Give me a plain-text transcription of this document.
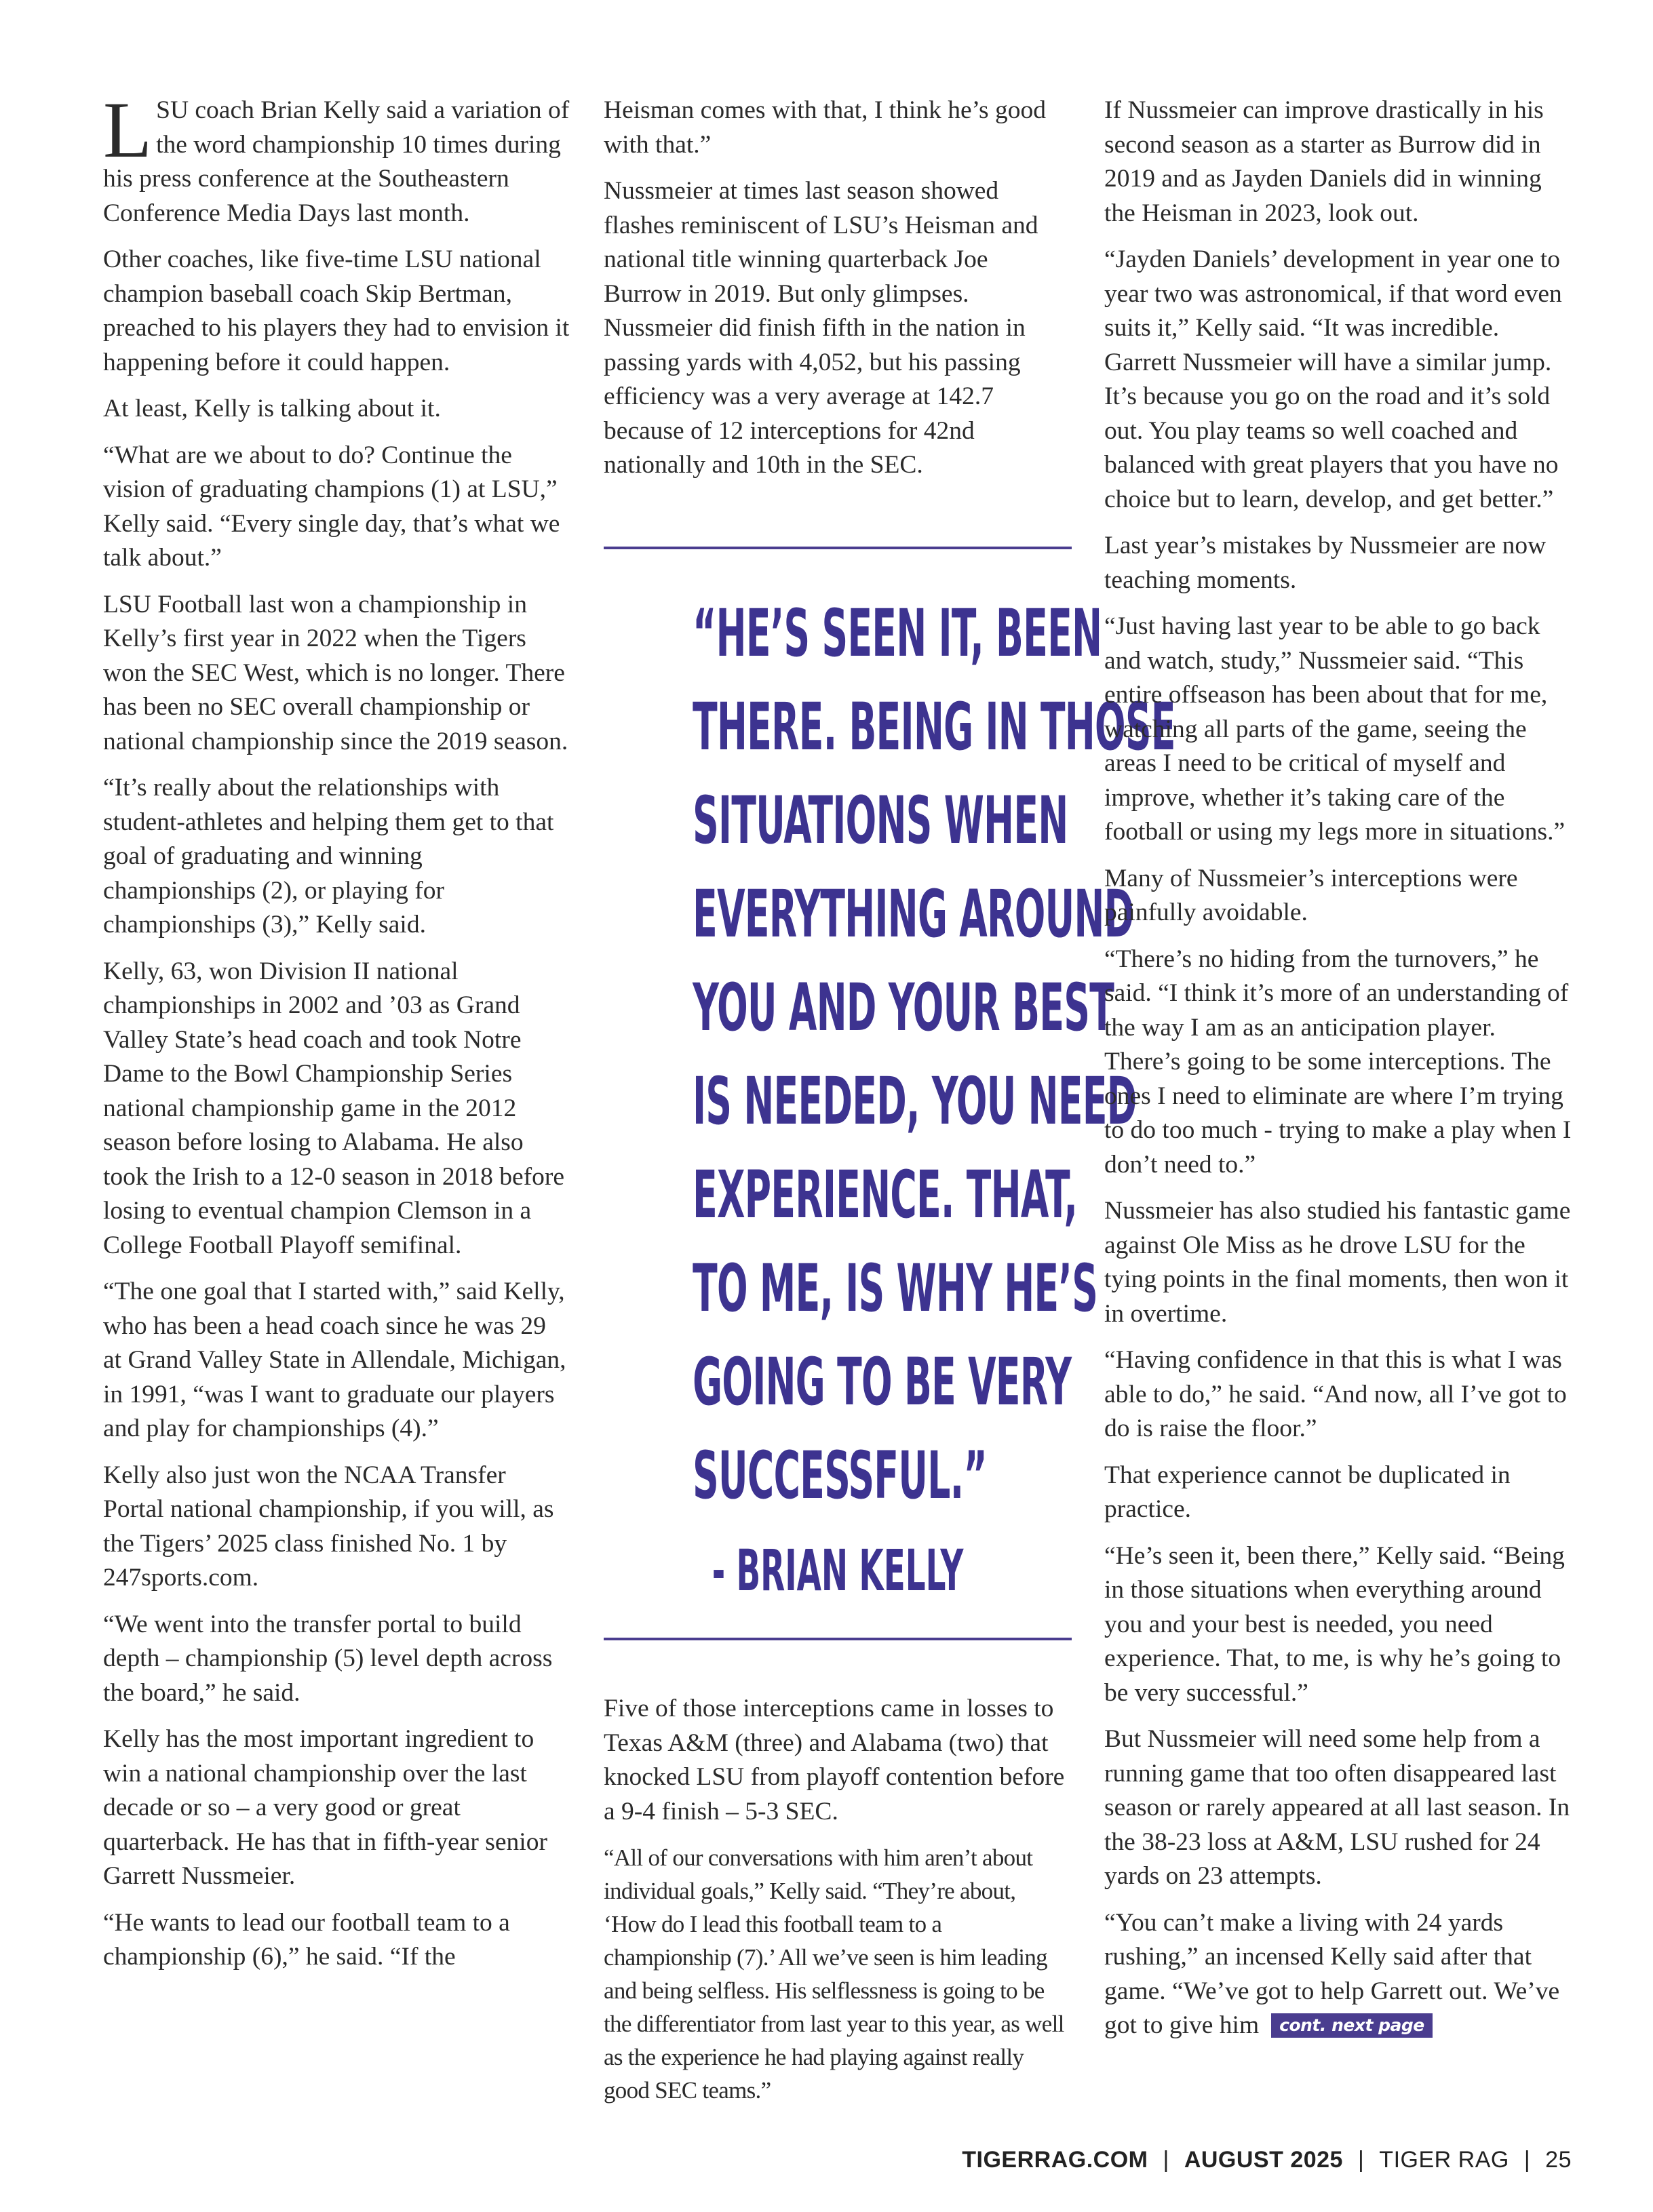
LSU coach Brian Kelly said a variation of the word championship 10 times during his press conference at the Southeastern Conference Media Days last month.

Other coaches, like five-time LSU national champion baseball coach Skip Bertman, preached to his players they had to envision it happening before it could happen.

At least, Kelly is talking about it.

“What are we about to do? Continue the vision of graduating champions (1) at LSU,” Kelly said. “Every single day, that’s what we talk about.”

LSU Football last won a championship in Kelly’s first year in 2022 when the Tigers won the SEC West, which is no longer. There has been no SEC overall championship or national championship since the 2019 season.

“It’s really about the relationships with student-athletes and helping them get to that goal of graduating and winning championships (2), or playing for championships (3),” Kelly said.

Kelly, 63, won Division II national championships in 2002 and ’03 as Grand Valley State’s head coach and took Notre Dame to the Bowl Championship Series national championship game in the 2012 season before losing to Alabama. He also took the Irish to a 12-0 season in 2018 before losing to eventual champion Clemson in a College Football Playoff semifinal.

“The one goal that I started with,” said Kelly, who has been a head coach since he was 29 at Grand Valley State in Allendale, Michigan, in 1991, “was I want to graduate our players and play for championships (4).”

Kelly also just won the NCAA Transfer Portal national championship, if you will, as the Tigers’ 2025 class finished No. 1 by 247sports.com.

“We went into the transfer portal to build depth – championship (5) level depth across the board,” he said.

Kelly has the most important ingredient to win a national championship over the last decade or so – a very good or great quarterback. He has that in fifth-year senior Garrett Nussmeier.

“He wants to lead our football team to a championship (6),” he said. “If the

Heisman comes with that, I think he’s good with that.”

Nussmeier at times last season showed flashes reminiscent of LSU’s Heisman and national title winning quarterback Joe Burrow in 2019. But only glimpses. Nussmeier did finish fifth in the nation in passing yards with 4,052, but his passing efficiency was a very average at 142.7 because of 12 interceptions for 42nd nationally and 10th in the SEC.

“HE’S SEEN IT, BEEN
THERE. BEING IN THOSE
SITUATIONS WHEN
EVERYTHING AROUND
YOU AND YOUR BEST
IS NEEDED, YOU NEED
EXPERIENCE. THAT,
TO ME, IS WHY HE’S
GOING TO BE VERY
SUCCESSFUL.”
- BRIAN KELLY

Five of those interceptions came in losses to Texas A&M (three) and Alabama (two) that knocked LSU from playoff contention before a 9-4 finish – 5-3 SEC.

“All of our conversations with him aren’t about individual goals,” Kelly said. “They’re about, ‘How do I lead this football team to a championship (7).’ All we’ve seen is him leading and being selfless. His selflessness is going to be the differentiator from last year to this year, as well as the experience he had playing against really good SEC teams.”

If Nussmeier can improve drastically in his second season as a starter as Burrow did in 2019 and as Jayden Daniels did in winning the Heisman in 2023, look out.

“Jayden Daniels’ development in year one to year two was astronomical, if that word even suits it,” Kelly said. “It was incredible. Garrett Nussmeier will have a similar jump. It’s because you go on the road and it’s sold out. You play teams so well coached and balanced with great players that you have no choice but to learn, develop, and get better.”

Last year’s mistakes by Nussmeier are now teaching moments.

“Just having last year to be able to go back and watch, study,” Nussmeier said. “This entire offseason has been about that for me, watching all parts of the game, seeing the areas I need to be critical of myself and improve, whether it’s taking care of the football or using my legs more in situations.”

Many of Nussmeier’s interceptions were painfully avoidable.

“There’s no hiding from the turnovers,” he said. “I think it’s more of an understanding of the way I am as an anticipation player. There’s going to be some interceptions. The ones I need to eliminate are where I’m trying to do too much - trying to make a play when I don’t need to.”

Nussmeier has also studied his fantastic game against Ole Miss as he drove LSU for the tying points in the final moments, then won it in overtime.

“Having confidence in that this is what I was able to do,” he said. “And now, all I’ve got to do is raise the floor.”

That experience cannot be duplicated in practice.

“He’s seen it, been there,” Kelly said. “Being in those situations when everything around you and your best is needed, you need experience. That, to me, is why he’s going to be very successful.”

But Nussmeier will need some help from a running game that too often disappeared last season or rarely appeared at all last season. In the 38-23 loss at A&M, LSU rushed for 24 yards on 23 attempts.

“You can’t make a living with 24 yards rushing,” an incensed Kelly said after that game. “We’ve got to help Garrett out. We’ve got to give him cont. next page

TIGERRAG.COM | AUGUST 2025 | TIGER RAG | 25
